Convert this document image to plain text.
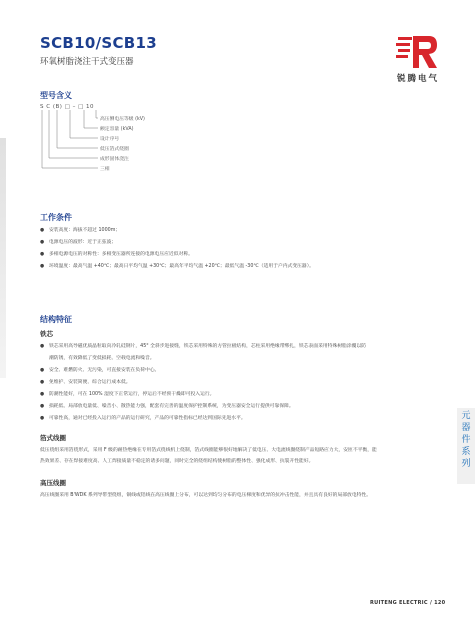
SCB10/SCB13
环氧树脂浇注干式变压器
锐腾电气
型号含义
S C (B) □ – □ 10
高压侧电压等级 (kV)
额定容量 (kVA)
设计序号
低压箔式绕圈
成形固体浇注
三相
工作条件
●	安装高度：海拔不超过 1000m；
●	电源电压的波形：近于正弦波；
●	多相电源电压的对称性：多相变压器所连接的电源电压应近似对称。
●	环境温度：最高气温 +40℃；最高日平均气温 +30℃；最高年平均气温 +20℃；最低气温 -30℃（适用于户内式变压器）。
结构特征
铁芯
●	铁芯采用高导磁优质晶粒取向冷轧硅钢片，45° 全斜步进接缝，铁芯采用特殊的方管拉板结构，芯柱采用绝缘带绑扎，铁芯表面采用特殊树脂涂覆以防
潮防锈，有效降低了变低损耗、空载电流和噪音。
●	安全、难燃防火、无污染，可直接安装在负荷中心。
●	免维护、安装简便、综合运行成本低。
●	防潮性能好，可在 100% 湿度下正常运行，停运后不经预干燥即可投入运行。
●	损耗低、局部放电量低、噪音小、散热能力强，配套有完善的温度保护控制系统，为变压器安全运行提供可靠保障。
●	可靠性高，通对已经投入运行的产品的运行研究，产品的可靠性指标已经达到国际先进水平。
箔式线圈
低压绕组采用箔绕形式，采用 F 级的耐热绝缘在专用箔式绕线机上绕制，箔式线圈能够很好地解决了低电压、大电流线圈绕制产品短路应力大，安匝不平衡，能
热效果差、存在焊接难度高、人工焊接质量不稳定的诸多问题，同时完全的绕组结构使树脂的整体性、强化成形、抗裂开性能好。
高压线圈
高压线圈采用 B'WDK 系列导带型绕组，铜线或铝线在高压线圈上分布，可以达到均匀分布的电压梯度和优异的抗冲击性能，并且具有良好的局部放电特性。
元器件系列
RUITENG ELECTRIC / 120
